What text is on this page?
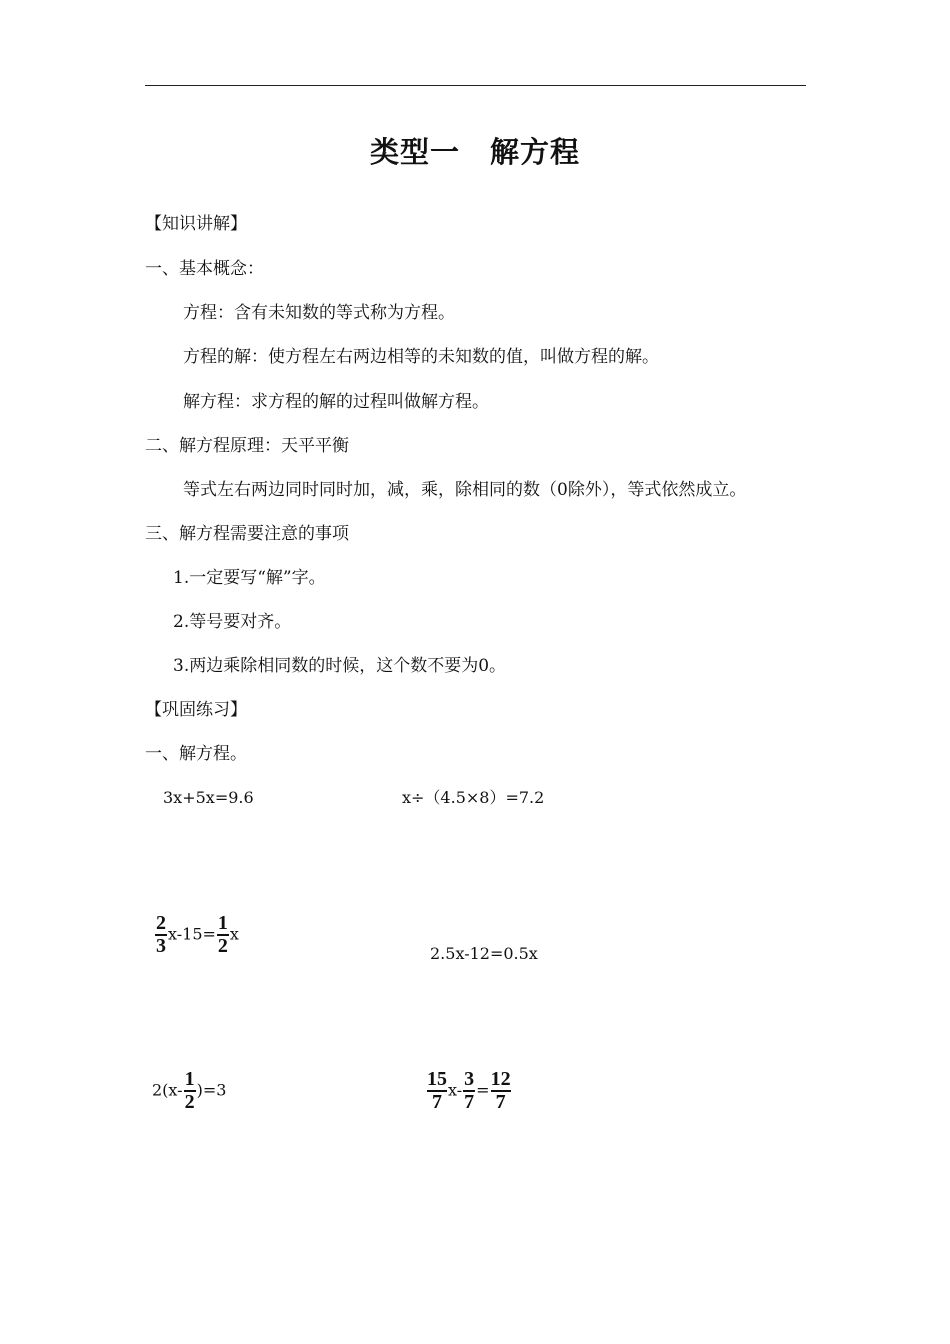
类型一　解方程
【知识讲解】
一、基本概念：
方程：含有未知数的等式称为方程。
方程的解：使方程左右两边相等的未知数的值，叫做方程的解。
解方程：求方程的解的过程叫做解方程。
二、解方程原理：天平平衡
等式左右两边同时同时加，减，乘，除相同的数（0除外），等式依然成立。
三、解方程需要注意的事项
1.一定要写“解”字。
2.等号要对齐。
3.两边乘除相同数的时候，这个数不要为0。
【巩固练习】
一、解方程。
3x+5x=9.6	x÷（4.5×8）=7.2
$\frac{2}{3} x-15= \frac{1}{2}$ x
2.5x-12=0.5x
$2(x- \frac{1}{2} )=3$	$\frac{15}{7} x- \frac{3}{7} = \frac{12}{7}$
